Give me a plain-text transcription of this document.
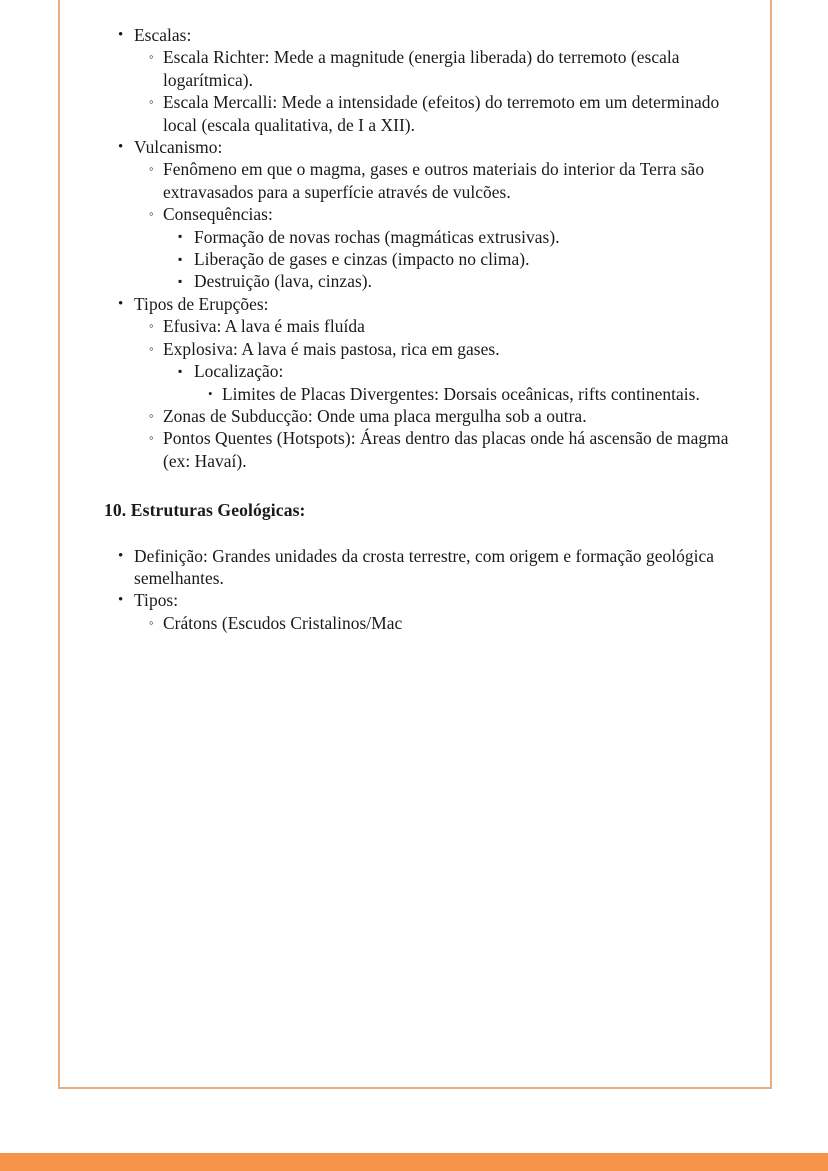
• Escalas:
◦ Escala Richter: Mede a magnitude (energia liberada) do terremoto (escala logarítmica).
◦ Escala Mercalli: Mede a intensidade (efeitos) do terremoto em um determinado local (escala qualitativa, de I a XII).
• Vulcanismo:
◦ Fenômeno em que o magma, gases e outros materiais do interior da Terra são extravasados para a superfície através de vulcões.
◦ Consequências:
▪ Formação de novas rochas (magmáticas extrusivas).
▪ Liberação de gases e cinzas (impacto no clima).
▪ Destruição (lava, cinzas).
• Tipos de Erupções:
◦ Efusiva: A lava é mais fluída
◦ Explosiva: A lava é mais pastosa, rica em gases.
▪ Localização:
• Limites de Placas Divergentes: Dorsais oceânicas, rifts continentais.
◦ Zonas de Subducção: Onde uma placa mergulha sob a outra.
◦ Pontos Quentes (Hotspots): Áreas dentro das placas onde há ascensão de magma (ex: Havaí).
10. Estruturas Geológicas:
• Definição: Grandes unidades da crosta terrestre, com origem e formação geológica semelhantes.
• Tipos:
◦ Crátons (Escudos Cristalinos/Mac
